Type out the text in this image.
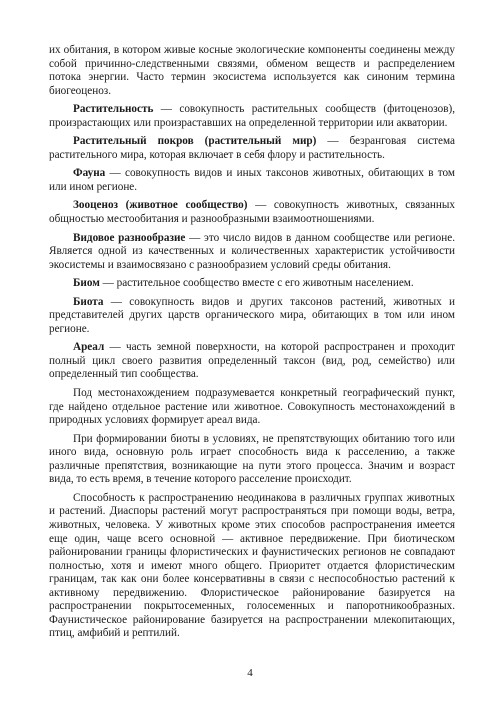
их обитания, в котором живые косные экологические компоненты соединены между собой причинно-следственными связями, обменом веществ и распределением потока энергии. Часто термин экосистема используется как синоним термина биогеоценоз.

Растительность — совокупность растительных сообществ (фитоценозов), произрастающих или произраставших на определенной территории или акватории.

Растительный покров (растительный мир) — безранговая система растительного мира, которая включает в себя флору и растительность.

Фауна — совокупность видов и иных таксонов животных, обитающих в том или ином регионе.

Зооценоз (животное сообщество) — совокупность животных, связанных общностью местообитания и разнообразными взаимоотношениями.

Видовое разнообразие — это число видов в данном сообществе или регионе. Является одной из качественных и количественных характеристик устойчивости экосистемы и взаимосвязано с разнообразием условий среды обитания.

Биом — растительное сообщество вместе с его животным населением.

Биота — совокупность видов и других таксонов растений, животных и представителей других царств органического мира, обитающих в том или ином регионе.

Ареал — часть земной поверхности, на которой распространен и проходит полный цикл своего развития определенный таксон (вид, род, семейство) или определенный тип сообщества.

Под местонахождением подразумевается конкретный географический пункт, где найдено отдельное растение или животное. Совокупность местонахождений в природных условиях формирует ареал вида.

При формировании биоты в условиях, не препятствующих обитанию того или иного вида, основную роль играет способность вида к расселению, а также различные препятствия, возникающие на пути этого процесса. Значим и возраст вида, то есть время, в течение которого расселение происходит.

Способность к распространению неодинакова в различных группах животных и растений. Диаспоры растений могут распространяться при помощи воды, ветра, животных, человека. У животных кроме этих способов распространения имеется еще один, чаще всего основной — активное передвижение. При биотическом районировании границы флористических и фаунистических регионов не совпадают полностью, хотя и имеют много общего. Приоритет отдается флористическим границам, так как они более консервативны в связи с неспособностью растений к активному передвижению. Флористическое районирование базируется на распространении покрытосеменных, голосеменных и папоротникообразных. Фаунистическое районирование базируется на распространении млекопитающих, птиц, амфибий и рептилий.

4
